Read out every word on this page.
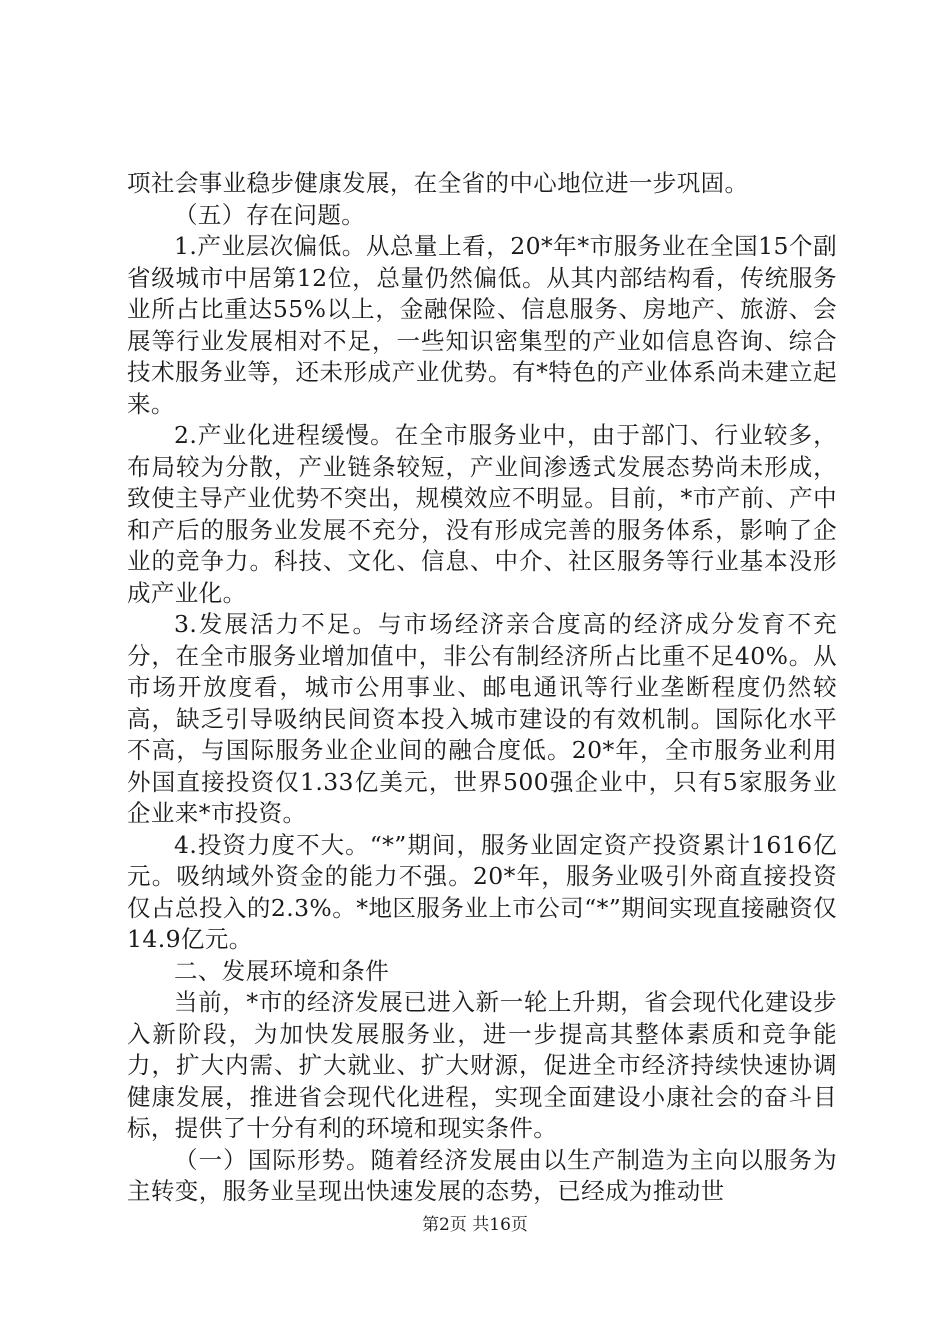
项社会事业稳步健康发展，在全省的中心地位进一步巩固。

（五）存在问题。

1.产业层次偏低。从总量上看，20*年*市服务业在全国15个副省级城市中居第12位，总量仍然偏低。从其内部结构看，传统服务业所占比重达55%以上，金融保险、信息服务、房地产、旅游、会展等行业发展相对不足，一些知识密集型的产业如信息咨询、综合技术服务业等，还未形成产业优势。有*特色的产业体系尚未建立起来。

2.产业化进程缓慢。在全市服务业中，由于部门、行业较多，布局较为分散，产业链条较短，产业间渗透式发展态势尚未形成，致使主导产业优势不突出，规模效应不明显。目前，*市产前、产中和产后的服务业发展不充分，没有形成完善的服务体系，影响了企业的竞争力。科技、文化、信息、中介、社区服务等行业基本没形成产业化。

3.发展活力不足。与市场经济亲合度高的经济成分发育不充分，在全市服务业增加值中，非公有制经济所占比重不足40%。从市场开放度看，城市公用事业、邮电通讯等行业垄断程度仍然较高，缺乏引导吸纳民间资本投入城市建设的有效机制。国际化水平不高，与国际服务业企业间的融合度低。20*年，全市服务业利用外国直接投资仅1.33亿美元，世界500强企业中，只有5家服务业企业来*市投资。

4.投资力度不大。“*”期间，服务业固定资产投资累计1616亿元。吸纳域外资金的能力不强。20*年，服务业吸引外商直接投资仅占总投入的2.3%。*地区服务业上市公司“*”期间实现直接融资仅14.9亿元。

二、发展环境和条件

当前，*市的经济发展已进入新一轮上升期，省会现代化建设步入新阶段，为加快发展服务业，进一步提高其整体素质和竞争能力，扩大内需、扩大就业、扩大财源，促进全市经济持续快速协调健康发展，推进省会现代化进程，实现全面建设小康社会的奋斗目标，提供了十分有利的环境和现实条件。

（一）国际形势。随着经济发展由以生产制造为主向以服务为主转变，服务业呈现出快速发展的态势，已经成为推动世

第2页 共16页
